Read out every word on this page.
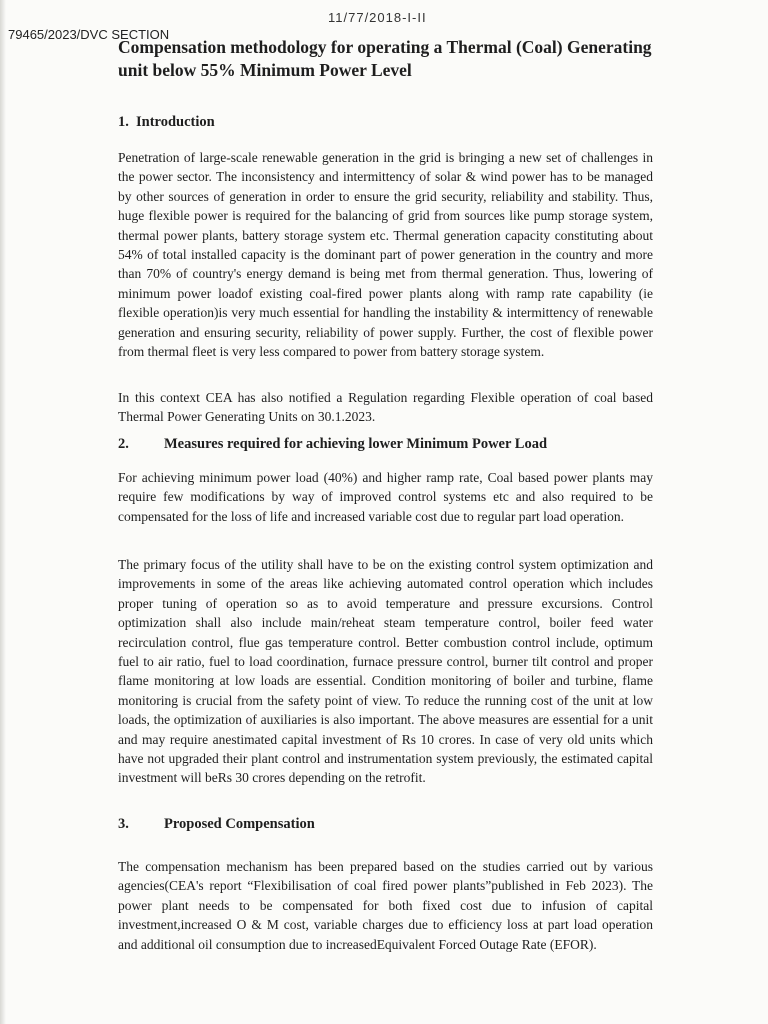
11/77/2018-I-II
79465/2023/DVC SECTION
Compensation methodology for operating a Thermal (Coal) Generating unit below 55% Minimum Power Level
1. Introduction

Penetration of large-scale renewable generation in the grid is bringing a new set of challenges in the power sector. The inconsistency and intermittency of solar & wind power has to be managed by other sources of generation in order to ensure the grid security, reliability and stability. Thus, huge flexible power is required for the balancing of grid from sources like pump storage system, thermal power plants, battery storage system etc. Thermal generation capacity constituting about 54% of total installed capacity is the dominant part of power generation in the country and more than 70% of country's energy demand is being met from thermal generation. Thus, lowering of minimum power loadof existing coal-fired power plants along with ramp rate capability (ie flexible operation)is very much essential for handling the instability & intermittency of renewable generation and ensuring security, reliability of power supply. Further, the cost of flexible power from thermal fleet is very less compared to power from battery storage system.

In this context CEA has also notified a Regulation regarding Flexible operation of coal based Thermal Power Generating Units on 30.1.2023.

2. Measures required for achieving lower Minimum Power Load

For achieving minimum power load (40%) and higher ramp rate, Coal based power plants may require few modifications by way of improved control systems etc and also required to be compensated for the loss of life and increased variable cost due to regular part load operation.

The primary focus of the utility shall have to be on the existing control system optimization and improvements in some of the areas like achieving automated control operation which includes proper tuning of operation so as to avoid temperature and pressure excursions. Control optimization shall also include main/reheat steam temperature control, boiler feed water recirculation control, flue gas temperature control. Better combustion control include, optimum fuel to air ratio, fuel to load coordination, furnace pressure control, burner tilt control and proper flame monitoring at low loads are essential. Condition monitoring of boiler and turbine, flame monitoring is crucial from the safety point of view. To reduce the running cost of the unit at low loads, the optimization of auxiliaries is also important. The above measures are essential for a unit and may require anestimated capital investment of Rs 10 crores. In case of very old units which have not upgraded their plant control and instrumentation system previously, the estimated capital investment will beRs 30 crores depending on the retrofit.

3. Proposed Compensation

The compensation mechanism has been prepared based on the studies carried out by various agencies(CEA's report “Flexibilisation of coal fired power plants”published in Feb 2023). The power plant needs to be compensated for both fixed cost due to infusion of capital investment,increased O & M cost, variable charges due to efficiency loss at part load operation and additional oil consumption due to increasedEquivalent Forced Outage Rate (EFOR).
